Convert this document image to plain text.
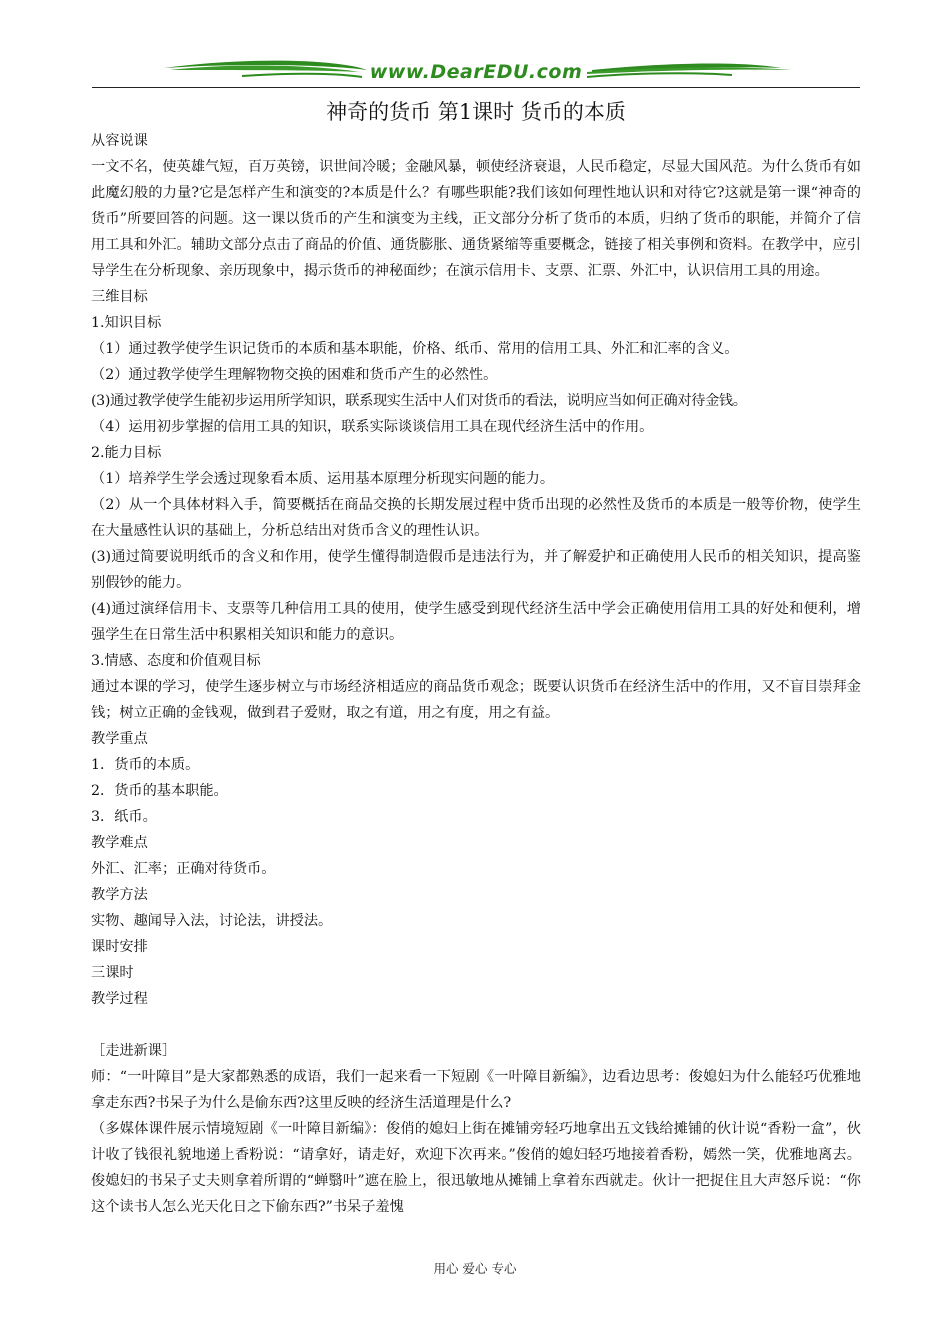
www.DearEDU.com
神奇的货币 第1课时 货币的本质

从容说课

一文不名，使英雄气短，百万英镑，识世间冷暖；金融风暴，顿使经济衰退，人民币稳定，尽显大国风范。为什么货币有如此魔幻般的力量?它是怎样产生和演变的?本质是什么？有哪些职能?我们该如何理性地认识和对待它?这就是第一课“神奇的货币”所要回答的问题。这一课以货币的产生和演变为主线，正文部分分析了货币的本质，归纳了货币的职能，并简介了信用工具和外汇。辅助文部分点击了商品的价值、通货膨胀、通货紧缩等重要概念，链接了相关事例和资料。在教学中，应引导学生在分析现象、亲历现象中，揭示货币的神秘面纱；在演示信用卡、支票、汇票、外汇中，认识信用工具的用途。

三维目标

1.知识目标

（1）通过教学使学生识记货币的本质和基本职能，价格、纸币、常用的信用工具、外汇和汇率的含义。

（2）通过教学使学生理解物物交换的困难和货币产生的必然性。

(3)通过教学使学生能初步运用所学知识，联系现实生活中人们对货币的看法，说明应当如何正确对待金钱。

（4）运用初步掌握的信用工具的知识，联系实际谈谈信用工具在现代经济生活中的作用。

2.能力目标

（1）培养学生学会透过现象看本质、运用基本原理分析现实问题的能力。

（2）从一个具体材料入手，简要概括在商品交换的长期发展过程中货币出现的必然性及货币的本质是一般等价物，使学生在大量感性认识的基础上，分析总结出对货币含义的理性认识。

(3)通过简要说明纸币的含义和作用，使学生懂得制造假币是违法行为，并了解爱护和正确使用人民币的相关知识，提高鉴别假钞的能力。

(4)通过演绎信用卡、支票等几种信用工具的使用，使学生感受到现代经济生活中学会正确使用信用工具的好处和便利，增强学生在日常生活中积累相关知识和能力的意识。

3.情感、态度和价值观目标

通过本课的学习，使学生逐步树立与市场经济相适应的商品货币观念；既要认识货币在经济生活中的作用，又不盲目崇拜金钱；树立正确的金钱观，做到君子爱财，取之有道，用之有度，用之有益。

教学重点

1．货币的本质。

2．货币的基本职能。

3．纸币。

教学难点

外汇、汇率；正确对待货币。

教学方法

实物、趣闻导入法，讨论法，讲授法。

课时安排

三课时

教学过程

［走进新课］

师：“一叶障目”是大家都熟悉的成语，我们一起来看一下短剧《一叶障目新编》，边看边思考：俊媳妇为什么能轻巧优雅地拿走东西?书呆子为什么是偷东西?这里反映的经济生活道理是什么?

（多媒体课件展示情境短剧《一叶障目新编》：俊俏的媳妇上街在摊铺旁轻巧地拿出五文钱给摊铺的伙计说“香粉一盒”，伙计收了钱很礼貌地递上香粉说：“请拿好，请走好，欢迎下次再来。”俊俏的媳妇轻巧地接着香粉，嫣然一笑，优雅地离去。俊媳妇的书呆子丈夫则拿着所谓的“蝉翳叶”遮在脸上，很迅敏地从摊铺上拿着东西就走。伙计一把捉住且大声怒斥说：“你这个读书人怎么光天化日之下偷东西?”书呆子羞愧

用心 爱心 专心
